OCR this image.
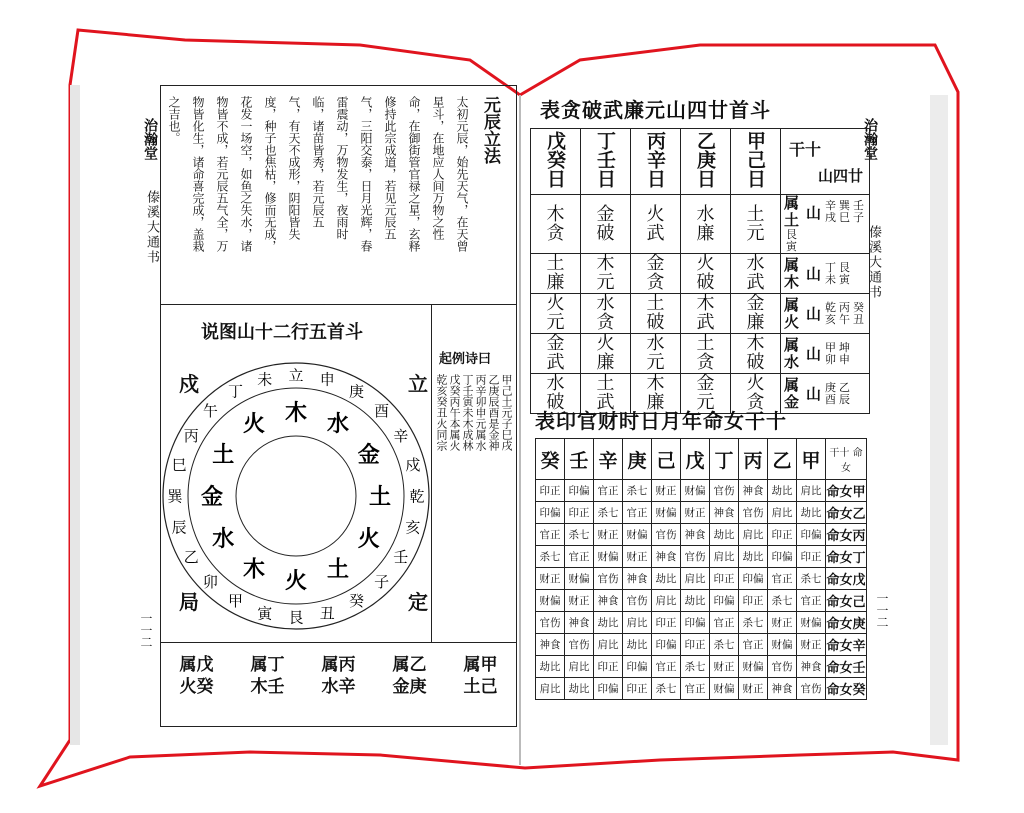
治瀚堂
傣溪大通书
一一二
元辰立法
太初元辰，始先天气，在天曾
星斗，在地应人间万物之性
命，在御街管官禄之星，玄释
修持此宗成道，若见元辰五
气，三阳交泰，日月光辉，春
雷震动，万物发生，夜雨时
临，诸苗皆秀，若元辰五
气，有天不成形，阴阳皆失
度，种子也焦枯，修而无成，
花发一场空，如鱼之失水，诸
物皆不成，若元辰五气全，万
物皆化生，诸命喜完成，盖栽
之吉也。
说图山十二行五首斗
戍	立
局	定
立 申
庚
酉
辛
戍
乾
亥
壬
子
癸
丑
艮
寅
甲
卯
乙
辰
巽
巳
丙
午
丁
未
木 水
金
土
火
土
火
木
水
金
土
火
起例诗曰
甲己土元子巳戌
乙庚辰酉是金神
丙辛卯申元属水
丁壬寅未木成林
戊癸丙午本属火
乾亥癸丑火同宗
属戊火癸
属丁木壬
属丙水辛
属乙金庚
属甲土己
治瀚堂
傣溪大通书
一一二
表贪破武廉元山四廿首斗
戊癸日	丁壬日	丙辛日	乙庚日	甲己日	干十
山四廿

木贪	金破	火武	水廉	土元	属土 山 辛戌巽巳壬子艮寅
土廉	木元	金贪	火破	水武	属木 山 丁未艮寅
火元	水贪	土破	木武	金廉	属火 山 乾亥丙午癸丑
金武	火廉	水元	土贪	木破	属水 山 甲卯坤申
水破	土武	木廉	金元	火贪	属金 山 庚酉乙辰
表印官财时日月年命女干十
癸	壬	辛	庚	己	戊	丁	丙	乙	甲	干十 命女
印正	印偏	官正	杀七	财正	财偏	官伤	神食	劫比	肩比	命女甲
印偏	印正	杀七	官正	财偏	财正	神食	官伤	肩比	劫比	命女乙
官正	杀七	财正	财偏	官伤	神食	劫比	肩比	印正	印偏	命女丙
杀七	官正	财偏	财正	神食	官伤	肩比	劫比	印偏	印正	命女丁
财正	财偏	官伤	神食	劫比	肩比	印正	印偏	官正	杀七	命女戊
财偏	财正	神食	官伤	肩比	劫比	印偏	印正	杀七	官正	命女己
官伤	神食	劫比	肩比	印正	印偏	官正	杀七	财正	财偏	命女庚
神食	官伤	肩比	劫比	印偏	印正	杀七	官正	财偏	财正	命女辛
劫比	肩比	印正	印偏	官正	杀七	财正	财偏	官伤	神食	命女壬
肩比	劫比	印偏	印正	杀七	官正	财偏	财正	神食	官伤	命女癸
